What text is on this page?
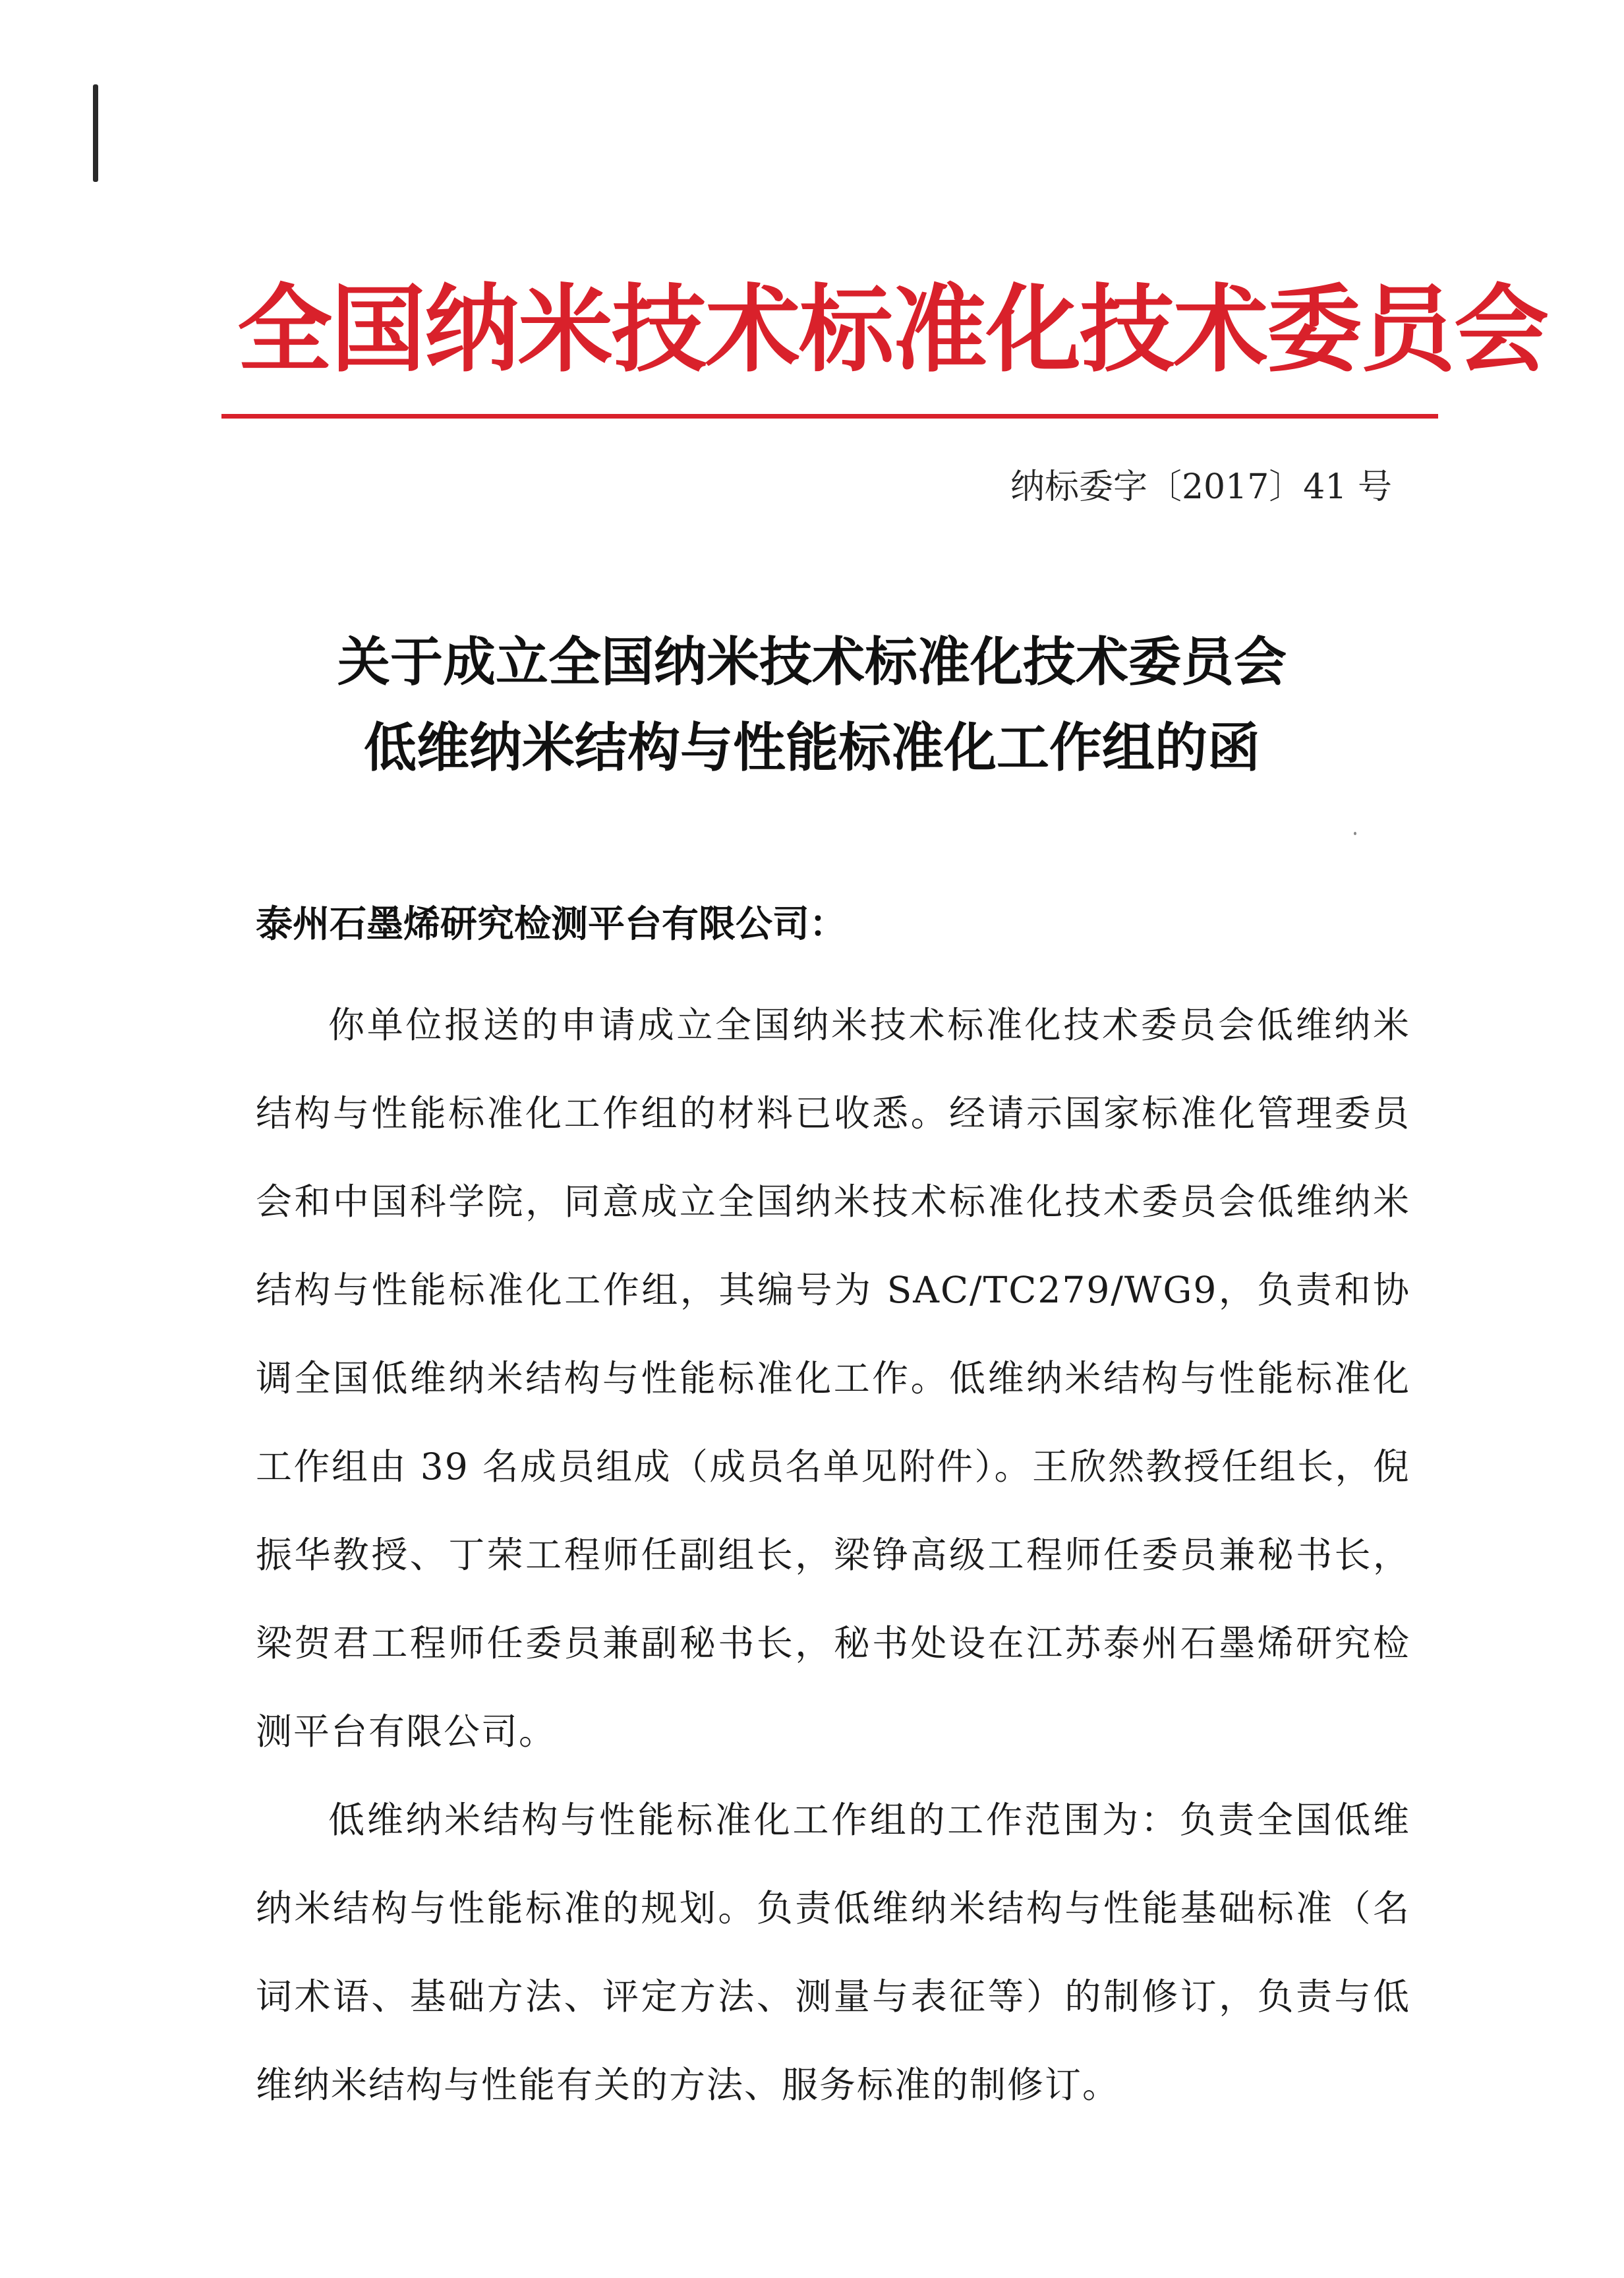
全国纳米技术标准化技术委员会
纳标委字〔2017〕41 号
关于成立全国纳米技术标准化技术委员会
低维纳米结构与性能标准化工作组的函
泰州石墨烯研究检测平台有限公司：

你单位报送的申请成立全国纳米技术标准化技术委员会低维纳米结构与性能标准化工作组的材料已收悉。经请示国家标准化管理委员会和中国科学院，同意成立全国纳米技术标准化技术委员会低维纳米结构与性能标准化工作组，其编号为 SAC/TC279/WG9，负责和协调全国低维纳米结构与性能标准化工作。低维纳米结构与性能标准化工作组由 39 名成员组成（成员名单见附件）。王欣然教授任组长，倪振华教授、丁荣工程师任副组长，梁铮高级工程师任委员兼秘书长，梁贺君工程师任委员兼副秘书长，秘书处设在江苏泰州石墨烯研究检测平台有限公司。

低维纳米结构与性能标准化工作组的工作范围为：负责全国低维纳米结构与性能标准的规划。负责低维纳米结构与性能基础标准（名词术语、基础方法、评定方法、测量与表征等）的制修订，负责与低维纳米结构与性能有关的方法、服务标准的制修订。
